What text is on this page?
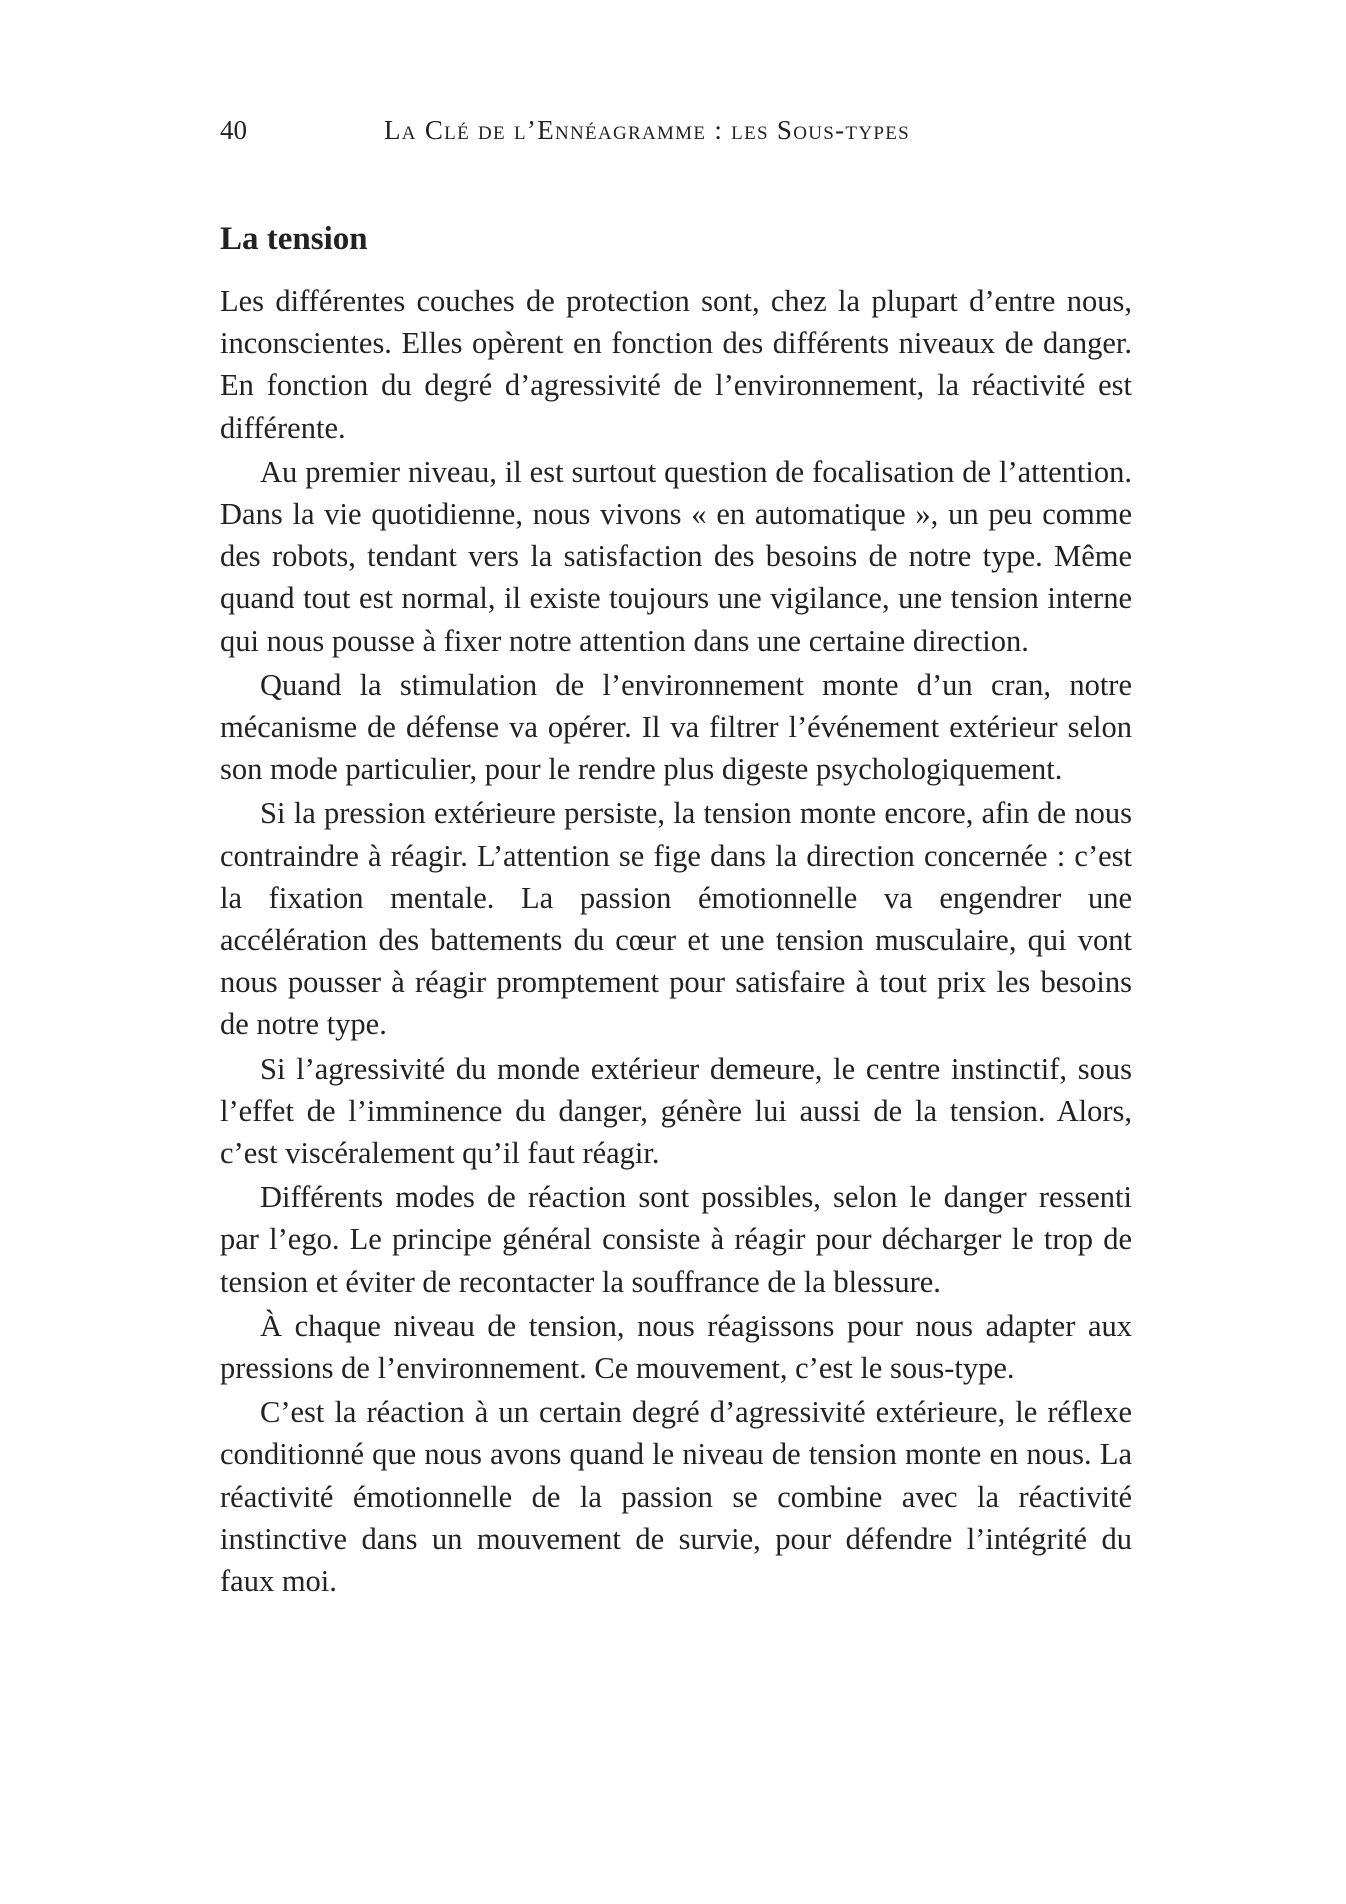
40	La Clé de l’Ennéagramme : les Sous-types
La tension

Les différentes couches de protection sont, chez la plupart d’entre nous, inconscientes. Elles opèrent en fonction des différents niveaux de danger. En fonction du degré d’agressivité de l’environnement, la réactivité est différente.

Au premier niveau, il est surtout question de focalisation de l’attention. Dans la vie quotidienne, nous vivons « en automatique », un peu comme des robots, tendant vers la satisfaction des besoins de notre type. Même quand tout est normal, il existe toujours une vigilance, une tension interne qui nous pousse à fixer notre attention dans une certaine direction.

Quand la stimulation de l’environnement monte d’un cran, notre mécanisme de défense va opérer. Il va filtrer l’événement extérieur selon son mode particulier, pour le rendre plus digeste psychologiquement.

Si la pression extérieure persiste, la tension monte encore, afin de nous contraindre à réagir. L’attention se fige dans la direction concernée : c’est la fixation mentale. La passion émotionnelle va engendrer une accélération des battements du cœur et une tension musculaire, qui vont nous pousser à réagir promptement pour satisfaire à tout prix les besoins de notre type.

Si l’agressivité du monde extérieur demeure, le centre instinctif, sous l’effet de l’imminence du danger, génère lui aussi de la tension. Alors, c’est viscéralement qu’il faut réagir.

Différents modes de réaction sont possibles, selon le danger ressenti par l’ego. Le principe général consiste à réagir pour décharger le trop de tension et éviter de recontacter la souffrance de la blessure.

À chaque niveau de tension, nous réagissons pour nous adapter aux pressions de l’environnement. Ce mouvement, c’est le sous-type.

C’est la réaction à un certain degré d’agressivité extérieure, le réflexe conditionné que nous avons quand le niveau de tension monte en nous. La réactivité émotionnelle de la passion se combine avec la réactivité instinctive dans un mouvement de survie, pour défendre l’intégrité du faux moi.
